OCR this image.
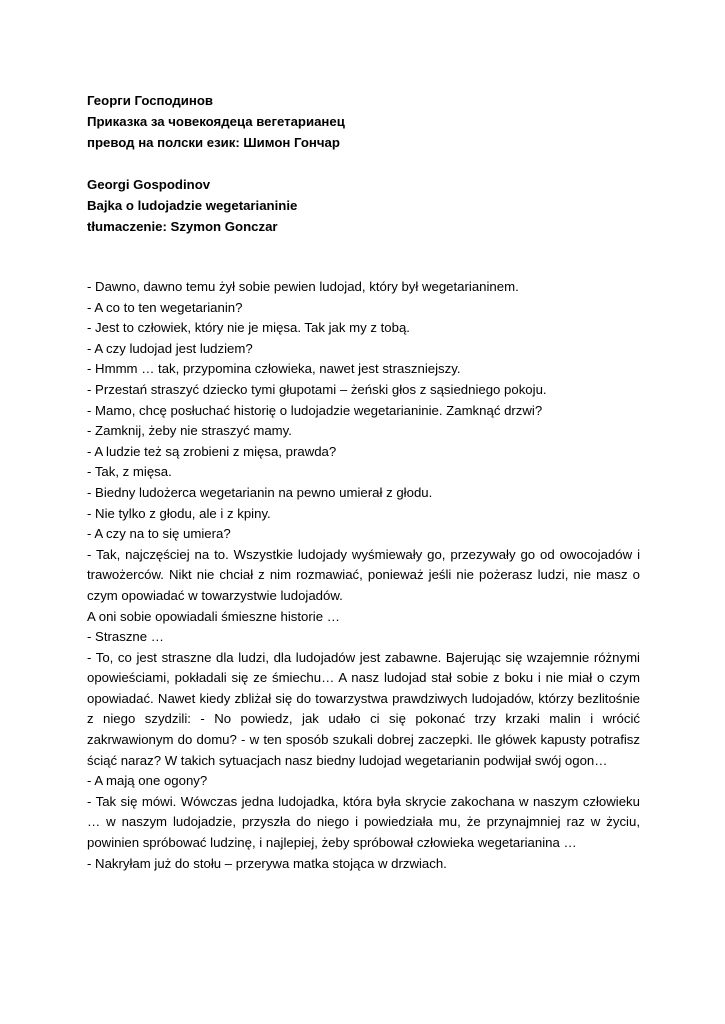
Георги Господинов
Приказка за човекоядеца вегетарианец
превод на полски език: Шимон Гончар
Georgi Gospodinov
Bajka o ludojadzie wegetarianinie
tłumaczenie: Szymon Gonczar

- Dawno, dawno temu żył sobie pewien ludojad, który był wegetarianinem.

- A co to ten wegetarianin?

- Jest to człowiek, który nie je mięsa. Tak jak my z tobą.

- A czy ludojad jest ludziem?

- Hmmm … tak, przypomina człowieka, nawet jest straszniejszy.

- Przestań straszyć dziecko tymi głupotami – żeński głos z sąsiedniego pokoju.

- Mamo, chcę posłuchać historię o ludojadzie wegetarianinie. Zamknąć drzwi?

- Zamknij, żeby nie straszyć mamy.

- A ludzie też są zrobieni z mięsa, prawda?

- Tak, z mięsa.

- Biedny ludożerca wegetarianin na pewno umierał z głodu.

- Nie tylko z głodu, ale i z kpiny.

- A czy na to się umiera?

- Tak, najczęściej na to. Wszystkie ludojady wyśmiewały go, przezywały go od owocojadów i trawożerców. Nikt nie chciał z nim rozmawiać, ponieważ jeśli nie pożerasz ludzi, nie masz o czym opowiadać w towarzystwie ludojadów.

A oni sobie opowiadali śmieszne historie …

- Straszne …

- To, co jest straszne dla ludzi, dla ludojadów jest zabawne. Bajerując się wzajemnie różnymi opowieściami, pokładali się ze śmiechu… A nasz ludojad stał sobie z boku i nie miał o czym opowiadać. Nawet kiedy zbliżał się do towarzystwa prawdziwych ludojadów, którzy bezlitośnie z niego szydzili: - No powiedz, jak udało ci się pokonać trzy krzaki malin i wrócić zakrwawionym do domu? - w ten sposób szukali dobrej zaczepki. Ile główek kapusty potrafisz ściąć naraz? W takich sytuacjach nasz biedny ludojad wegetarianin podwijał swój ogon…

- A mają one ogony?

- Tak się mówi. Wówczas jedna ludojadka, która była skrycie zakochana w naszym człowieku … w naszym ludojadzie, przyszła do niego i powiedziała mu, że przynajmniej raz w życiu, powinien spróbować ludzinę, i najlepiej, żeby spróbował człowieka wegetarianina …

- Nakryłam już do stołu – przerywa matka stojąca w drzwiach.
